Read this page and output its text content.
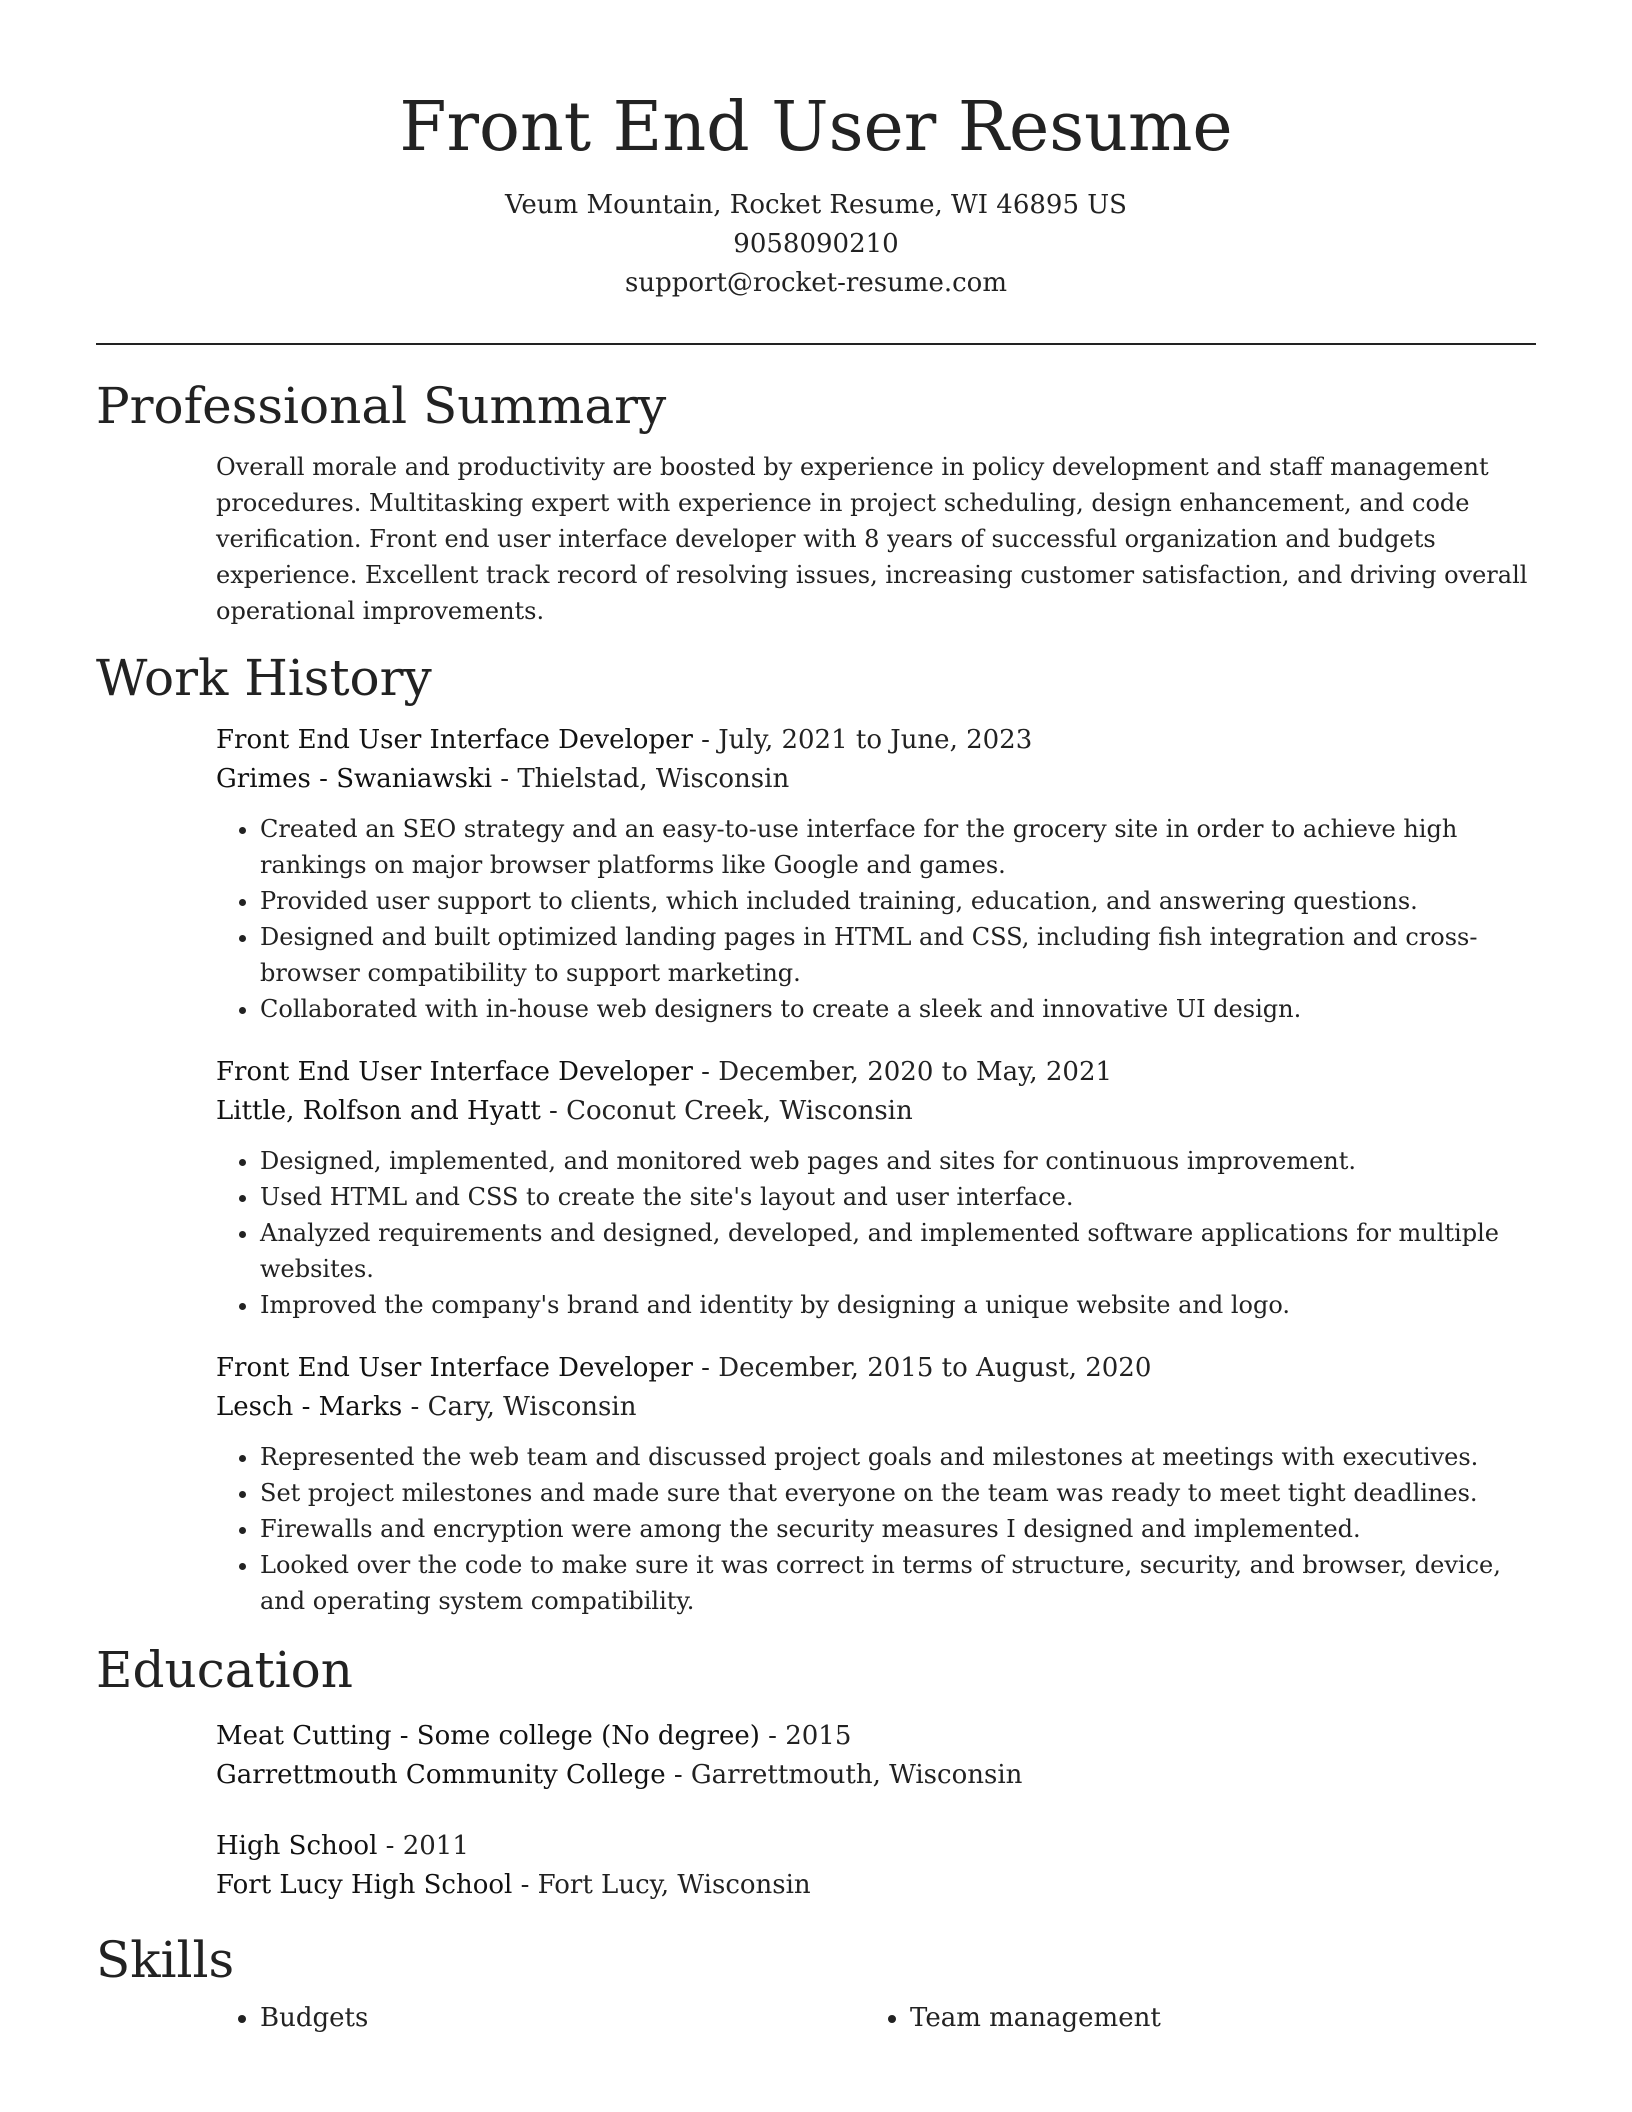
Front End User Resume
Veum Mountain, Rocket Resume, WI 46895 US
9058090210
support@rocket-resume.com
Professional Summary

Overall morale and productivity are boosted by experience in policy development and staff management procedures. Multitasking expert with experience in project scheduling, design enhancement, and code verification. Front end user interface developer with 8 years of successful organization and budgets experience. Excellent track record of resolving issues, increasing customer satisfaction, and driving overall operational improvements.

Work History
Front End User Interface Developer - July, 2021 to June, 2023
Grimes - Swaniawski - Thielstad, Wisconsin
• Created an SEO strategy and an easy-to-use interface for the grocery site in order to achieve high rankings on major browser platforms like Google and games.
• Provided user support to clients, which included training, education, and answering questions.
• Designed and built optimized landing pages in HTML and CSS, including fish integration and cross-browser compatibility to support marketing.
• Collaborated with in-house web designers to create a sleek and innovative UI design.
Front End User Interface Developer - December, 2020 to May, 2021
Little, Rolfson and Hyatt - Coconut Creek, Wisconsin
• Designed, implemented, and monitored web pages and sites for continuous improvement.
• Used HTML and CSS to create the site's layout and user interface.
• Analyzed requirements and designed, developed, and implemented software applications for multiple websites.
• Improved the company's brand and identity by designing a unique website and logo.
Front End User Interface Developer - December, 2015 to August, 2020
Lesch - Marks - Cary, Wisconsin
• Represented the web team and discussed project goals and milestones at meetings with executives.
• Set project milestones and made sure that everyone on the team was ready to meet tight deadlines.
• Firewalls and encryption were among the security measures I designed and implemented.
• Looked over the code to make sure it was correct in terms of structure, security, and browser, device, and operating system compatibility.
Education
Meat Cutting - Some college (No degree) - 2015
Garrettmouth Community College - Garrettmouth, Wisconsin
High School - 2011
Fort Lucy High School - Fort Lucy, Wisconsin
Skills
• Budgets
•	Team management
